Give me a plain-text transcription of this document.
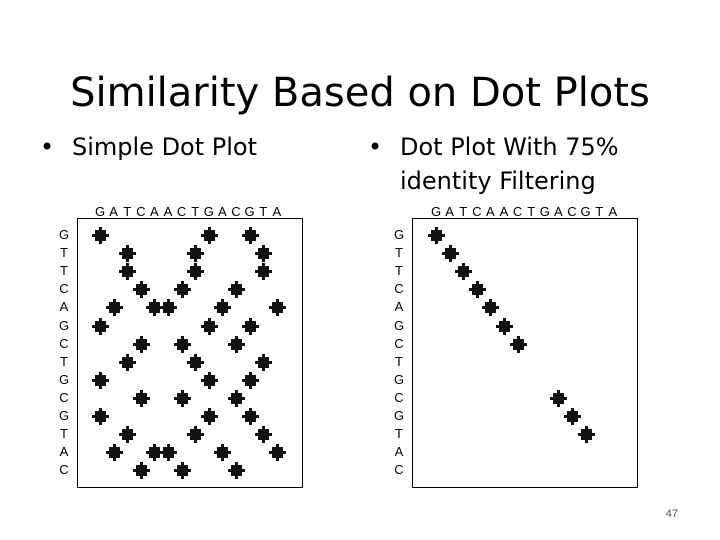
Similarity Based on Dot Plots
• Simple Dot Plot	• Dot Plot With 75% identity Filtering
G A T C A A C T G A C G T A
G
T
T
C
A
G
C
T
G
C
G
T
A
C
G A T C A A C T G A C G T A
G
T
T
C
A
G
C
T
G
C
G
T
A
C
47
